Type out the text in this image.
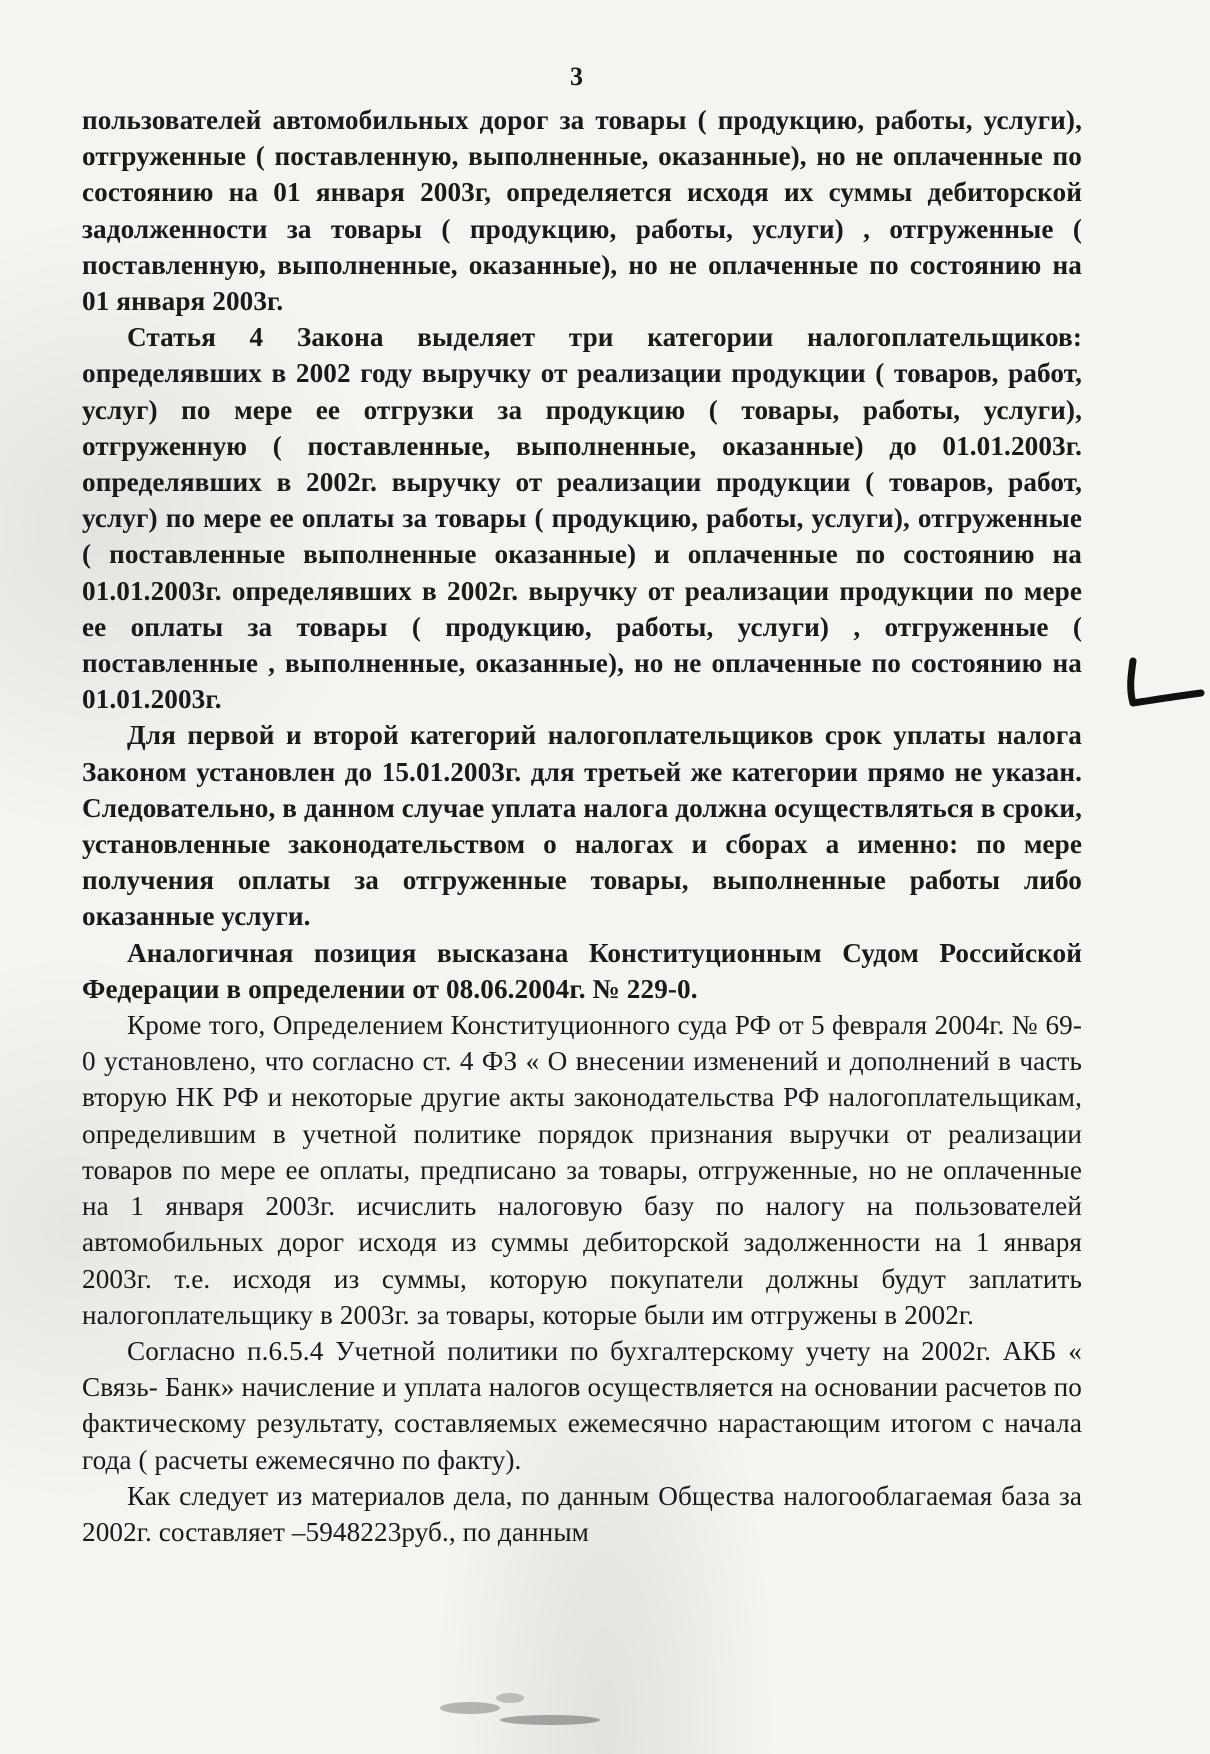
3

пользователей автомобильных дорог за товары ( продукцию, работы, услуги), отгруженные ( поставленную, выполненные, оказанные), но не оплаченные по состоянию на 01 января 2003г, определяется исходя их суммы дебиторской задолженности за товары ( продукцию, работы, услуги) , отгруженные ( поставленную, выполненные, оказанные), но не оплаченные по состоянию на 01 января 2003г.

Статья 4 Закона выделяет три категории налогоплательщиков: определявших в 2002 году выручку от реализации продукции ( товаров, работ, услуг) по мере ее отгрузки за продукцию ( товары, работы, услуги), отгруженную ( поставленные, выполненные, оказанные) до 01.01.2003г. определявших в 2002г. выручку от реализации продукции ( товаров, работ, услуг) по мере ее оплаты за товары ( продукцию, работы, услуги), отгруженные ( поставленные выполненные оказанные) и оплаченные по состоянию на 01.01.2003г. определявших в 2002г. выручку от реализации продукции по мере ее оплаты за товары ( продукцию, работы, услуги) , отгруженные ( поставленные , выполненные, оказанные), но не оплаченные по состоянию на 01.01.2003г.

Для первой и второй категорий налогоплательщиков срок уплаты налога Законом установлен до 15.01.2003г. для третьей же категории прямо не указан. Следовательно, в данном случае уплата налога должна осуществляться в сроки, установленные законодательством о налогах и сборах а именно: по мере получения оплаты за отгруженные товары, выполненные работы либо оказанные услуги.

Аналогичная позиция высказана Конституционным Судом Российской Федерации в определении от 08.06.2004г. № 229-0.

Кроме того, Определением Конституционного суда РФ от 5 февраля 2004г. № 69-0 установлено, что согласно ст. 4 ФЗ « О внесении изменений и дополнений в часть вторую НК РФ и некоторые другие акты законодательства РФ налогоплательщикам, определившим в учетной политике порядок признания выручки от реализации товаров по мере ее оплаты, предписано за товары, отгруженные, но не оплаченные на 1 января 2003г. исчислить налоговую базу по налогу на пользователей автомобильных дорог исходя из суммы дебиторской задолженности на 1 января 2003г. т.е. исходя из суммы, которую покупатели должны будут заплатить налогоплательщику в 2003г. за товары, которые были им отгружены в 2002г.

Согласно п.6.5.4 Учетной политики по бухгалтерскому учету на 2002г. АКБ « Связь- Банк» начисление и уплата налогов осуществляется на основании расчетов по фактическому результату, составляемых ежемесячно нарастающим итогом с начала года ( расчеты ежемесячно по факту).

Как следует из материалов дела, по данным Общества налогооблагаемая база за 2002г. составляет –5948223руб., по данным
